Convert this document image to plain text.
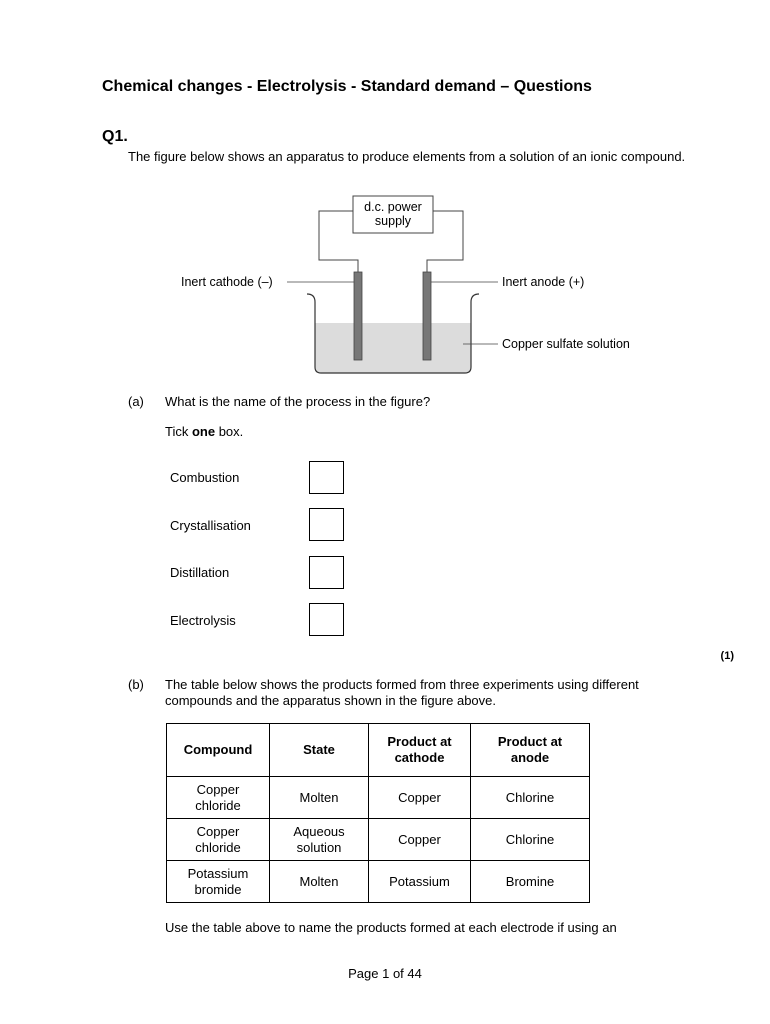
Chemical changes - Electrolysis - Standard demand – Questions
Q1.
The figure below shows an apparatus to produce elements from a solution of an ionic compound.
d.c. power
supply
Inert cathode (–)	Inert anode (+)
Copper sulfate solution
(a) What is the name of the process in the figure?
Tick one box.
Combustion
Crystallisation
Distillation
Electrolysis
(1)
(b) The table below shows the products formed from three experiments using different compounds and the apparatus shown in the figure above.
Compound	State	Product at cathode	Product at anode
Copper chloride	Molten	Copper	Chlorine
Copper chloride	Aqueous solution	Copper	Chlorine
Potassium bromide	Molten	Potassium	Bromine
Use the table above to name the products formed at each electrode if using an
Page 1 of 44
